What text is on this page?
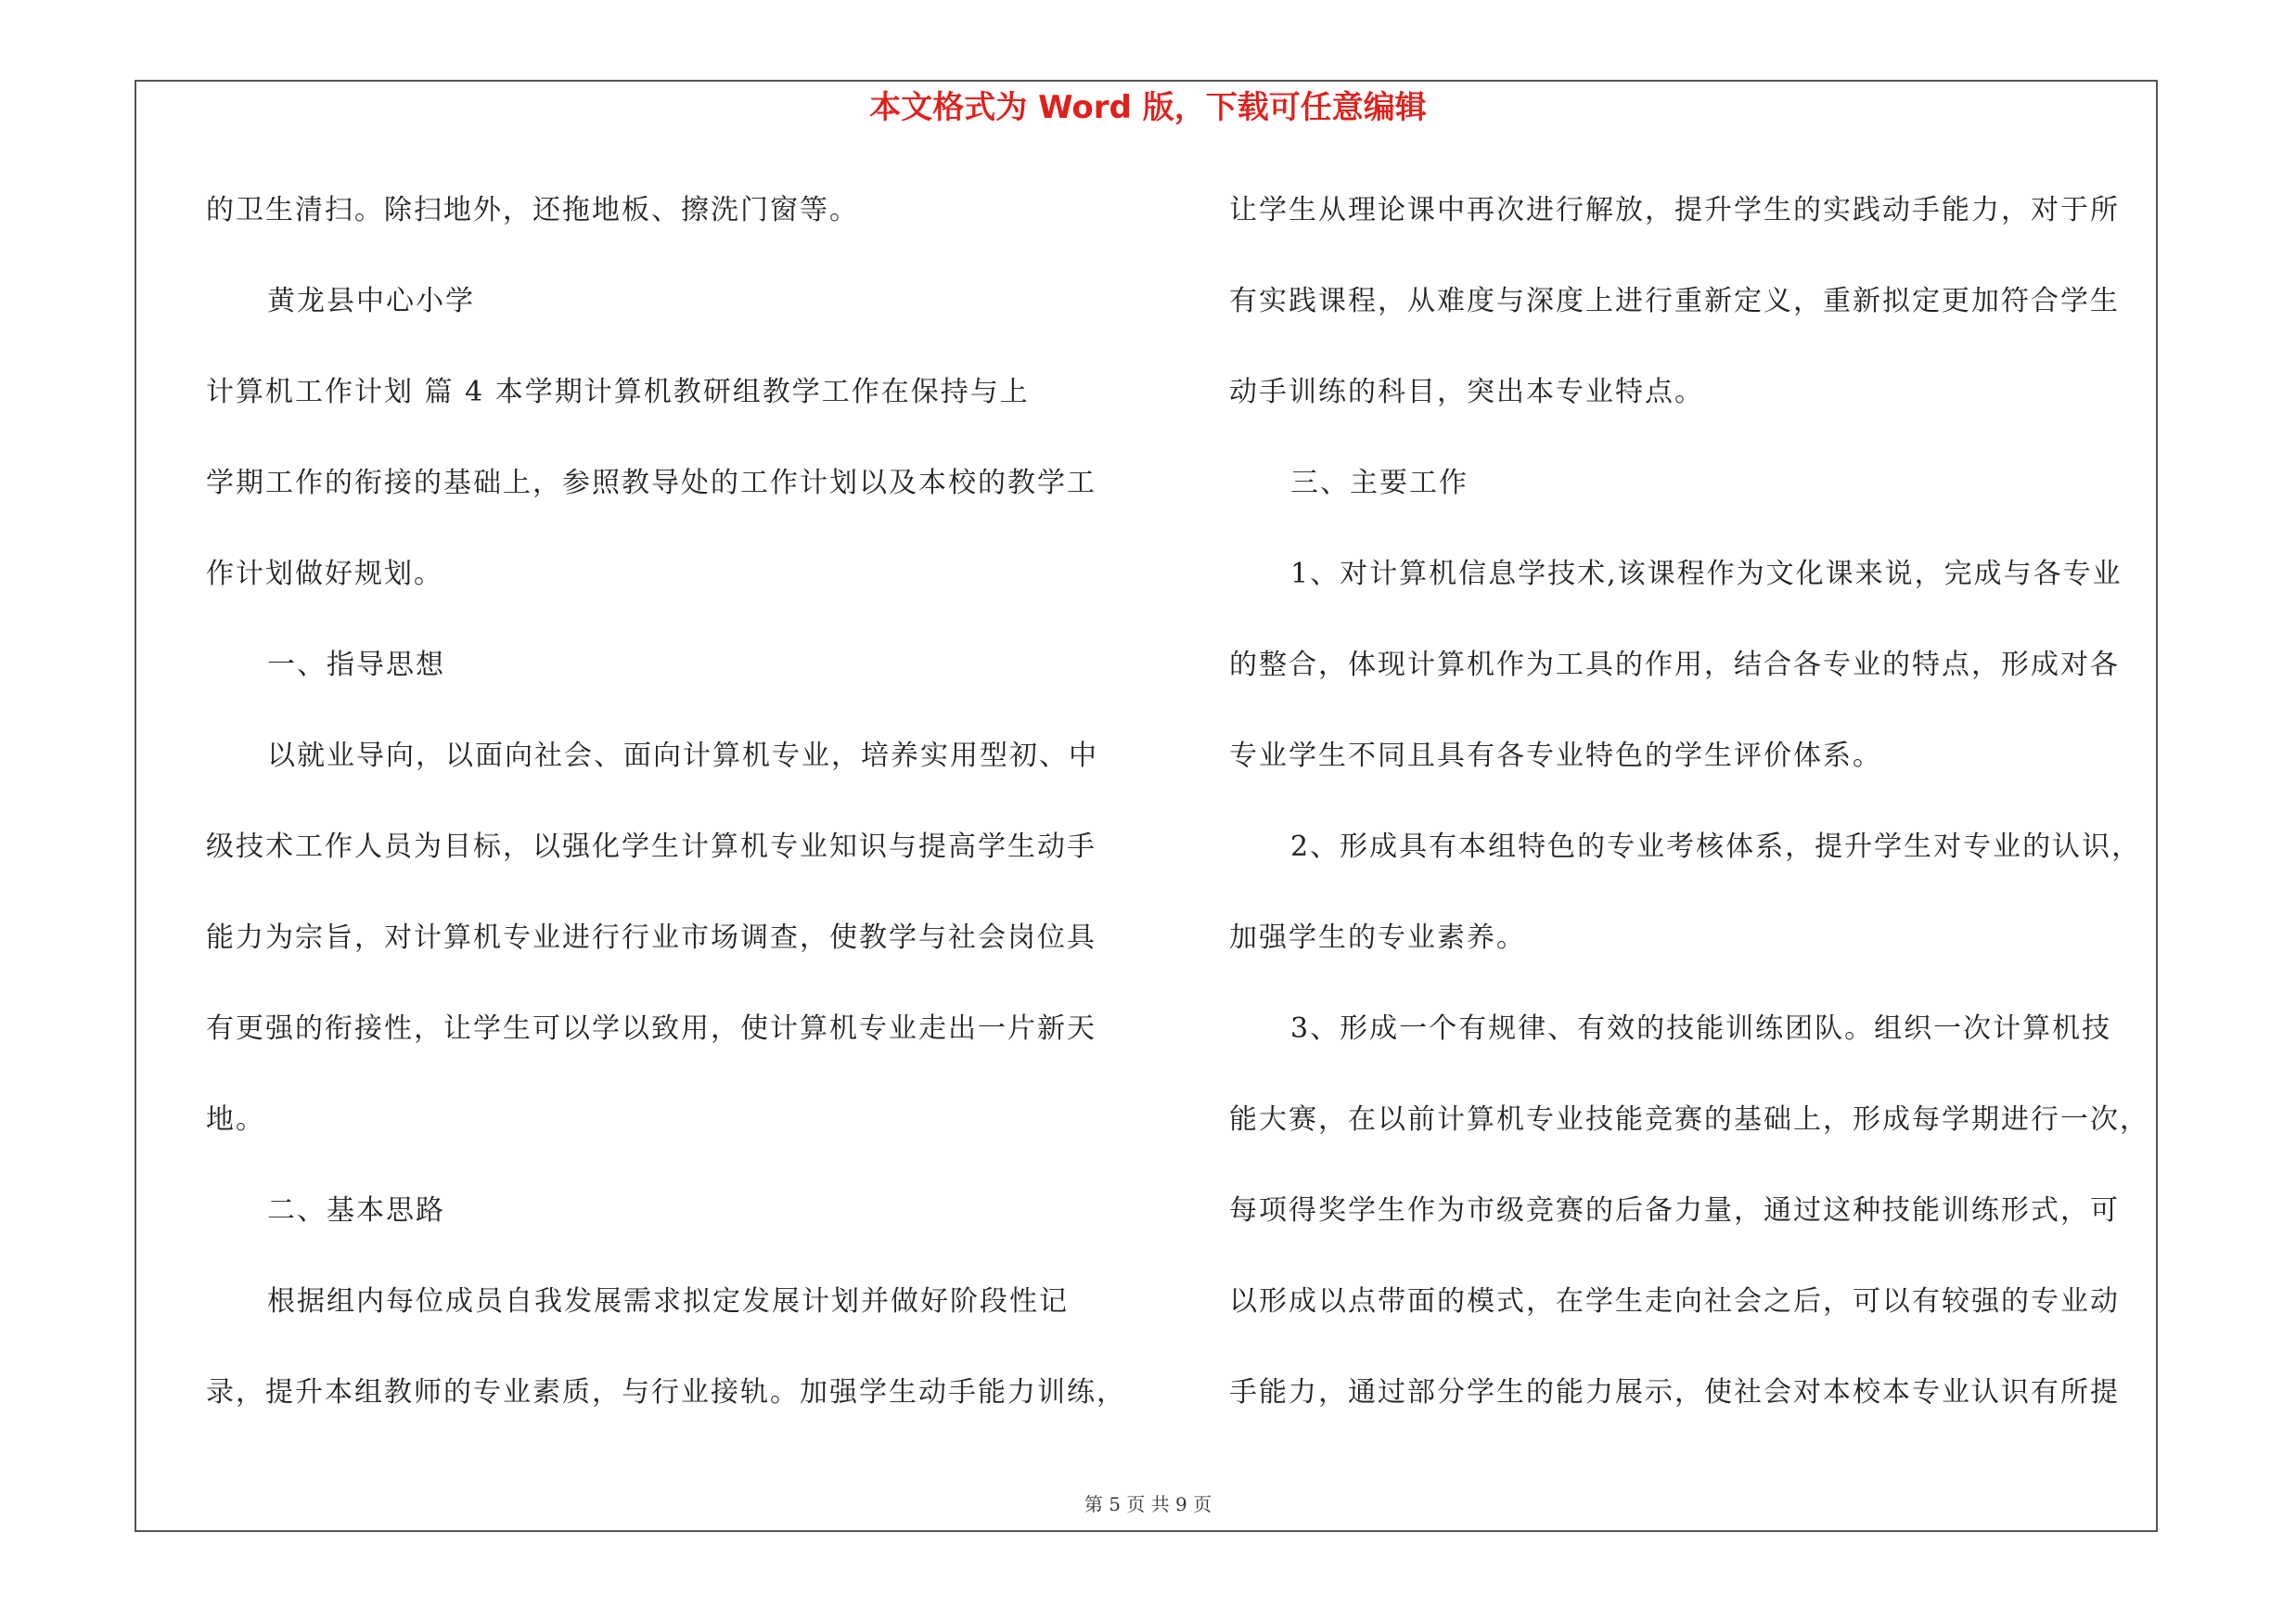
本文格式为 Word 版，下载可任意编辑
的卫生清扫。除扫地外，还拖地板、擦洗门窗等。
黄龙县中心小学
计算机工作计划 篇 4 本学期计算机教研组教学工作在保持与上
学期工作的衔接的基础上，参照教导处的工作计划以及本校的教学工
作计划做好规划。
一、指导思想
以就业导向，以面向社会、面向计算机专业，培养实用型初、中
级技术工作人员为目标，以强化学生计算机专业知识与提高学生动手
能力为宗旨，对计算机专业进行行业市场调查，使教学与社会岗位具
有更强的衔接性，让学生可以学以致用，使计算机专业走出一片新天
地。
二、基本思路
根据组内每位成员自我发展需求拟定发展计划并做好阶段性记
录，提升本组教师的专业素质，与行业接轨。加强学生动手能力训练，
让学生从理论课中再次进行解放，提升学生的实践动手能力，对于所
有实践课程，从难度与深度上进行重新定义，重新拟定更加符合学生
动手训练的科目，突出本专业特点。
三、主要工作
1、对计算机信息学技术,该课程作为文化课来说，完成与各专业
的整合，体现计算机作为工具的作用，结合各专业的特点，形成对各
专业学生不同且具有各专业特色的学生评价体系。
2、形成具有本组特色的专业考核体系，提升学生对专业的认识，
加强学生的专业素养。
3、形成一个有规律、有效的技能训练团队。组织一次计算机技
能大赛，在以前计算机专业技能竞赛的基础上，形成每学期进行一次，
每项得奖学生作为市级竞赛的后备力量，通过这种技能训练形式，可
以形成以点带面的模式，在学生走向社会之后，可以有较强的专业动
手能力，通过部分学生的能力展示，使社会对本校本专业认识有所提
第 5 页 共 9 页
